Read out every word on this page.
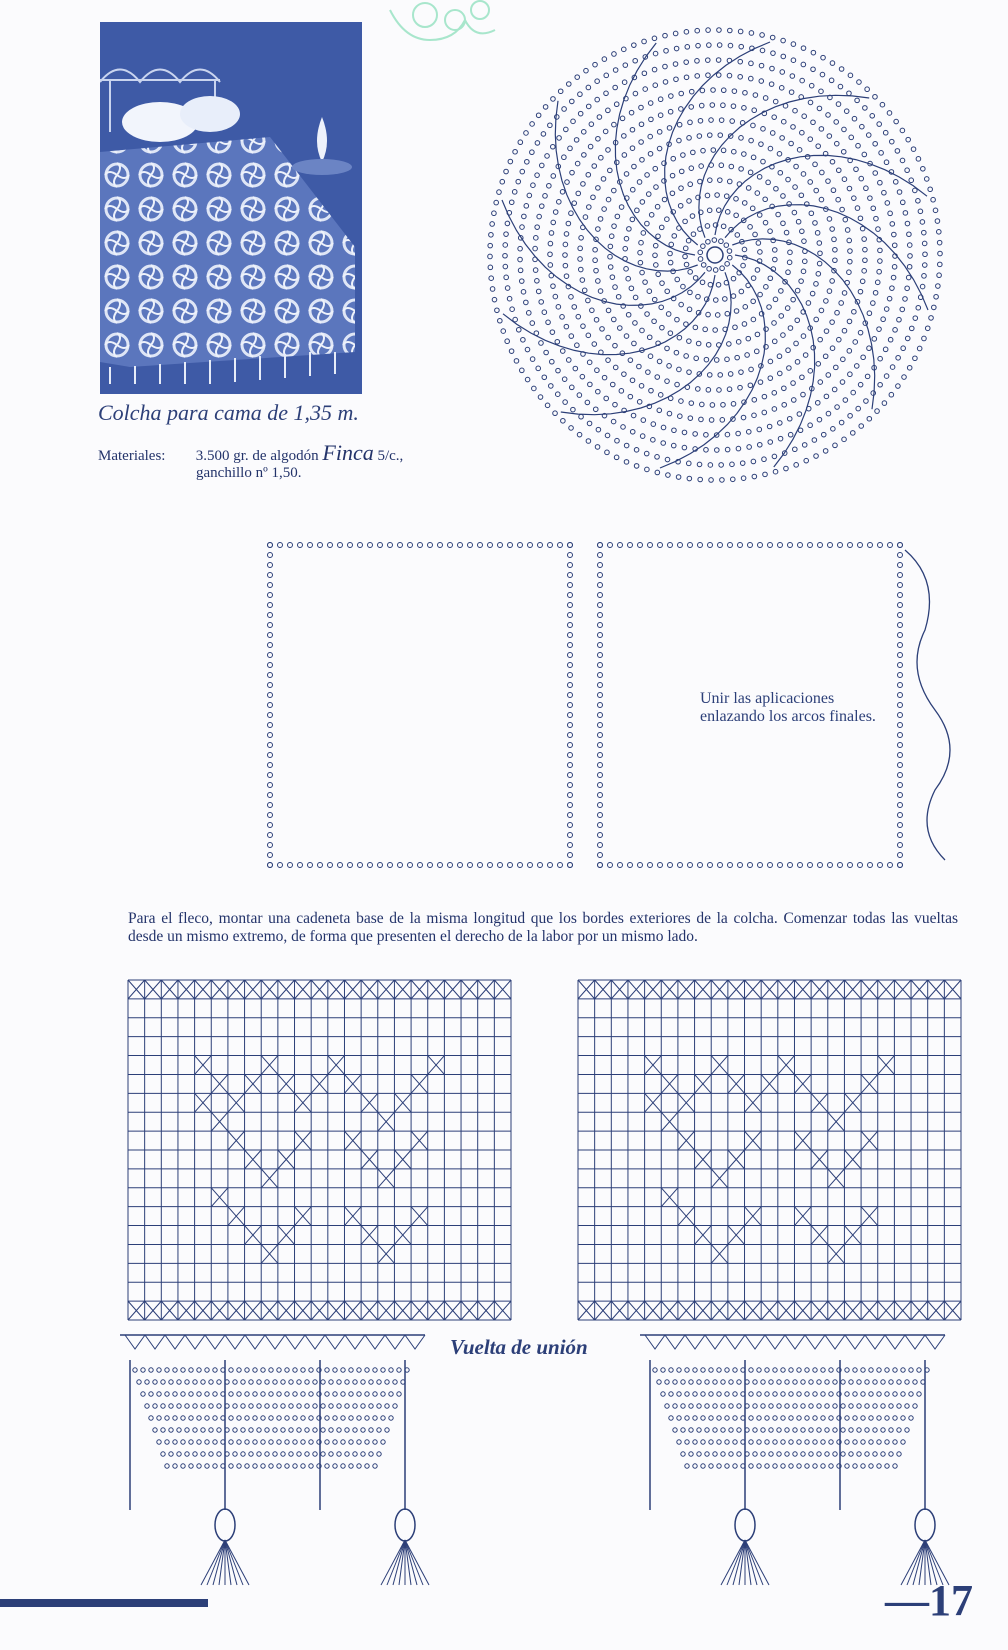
Colcha para cama de 1,35 m.
Materiales: 3.500 gr. de algodón Finca 5/c.,
ganchillo nº 1,50.
Unir las aplicaciones enlazando los arcos finales.
Para el fleco, montar una cadeneta base de la misma longitud que los bordes exteriores de la colcha. Comenzar todas las vueltas desde un mismo extremo, de forma que presenten el derecho de la labor por un mismo lado.
Vuelta de unión
—17
